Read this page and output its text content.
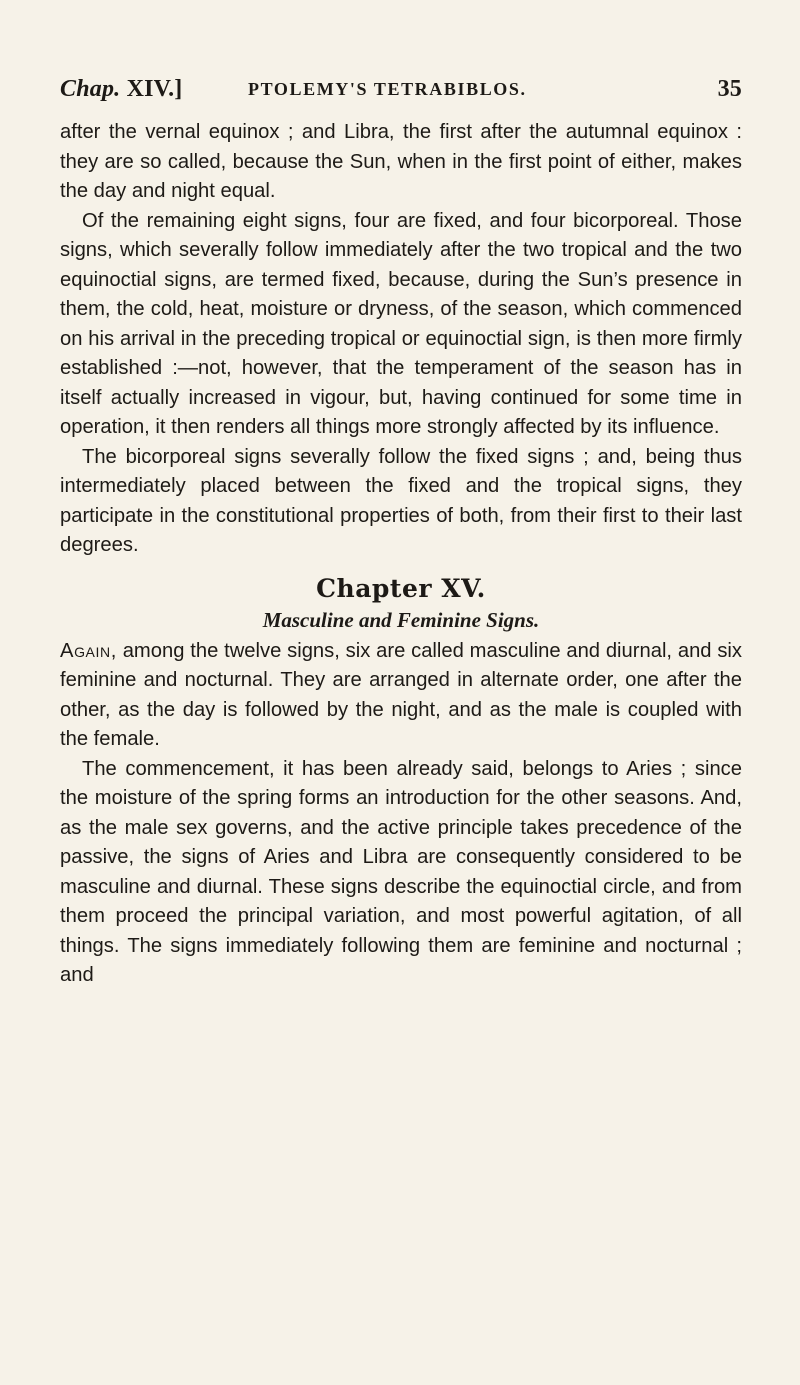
Chap. XIV.]	PTOLEMY'S TETRABIBLOS.	35

after the vernal equinox ; and Libra, the first after the autumnal equinox : they are so called, because the Sun, when in the first point of either, makes the day and night equal.

Of the remaining eight signs, four are fixed, and four bicorporeal. Those signs, which severally follow immediately after the two tropical and the two equinoctial signs, are termed fixed, because, during the Sun’s presence in them, the cold, heat, moisture or dryness, of the season, which commenced on his arrival in the preceding tropical or equinoctial sign, is then more firmly established :—not, however, that the temperament of the season has in itself actually increased in vigour, but, having continued for some time in operation, it then renders all things more strongly affected by its influence.

The bicorporeal signs severally follow the fixed signs ; and, being thus intermediately placed between the fixed and the tropical signs, they participate in the constitutional properties of both, from their first to their last degrees.

Chapter XV.
Masculine and Feminine Signs.

Again, among the twelve signs, six are called masculine and diurnal, and six feminine and nocturnal. They are arranged in alternate order, one after the other, as the day is followed by the night, and as the male is coupled with the female.

The commencement, it has been already said, belongs to Aries ; since the moisture of the spring forms an introduction for the other seasons. And, as the male sex governs, and the active principle takes precedence of the passive, the signs of Aries and Libra are consequently considered to be masculine and diurnal. These signs describe the equinoctial circle, and from them proceed the principal variation, and most powerful agitation, of all things. The signs immediately following them are feminine and nocturnal ; and
